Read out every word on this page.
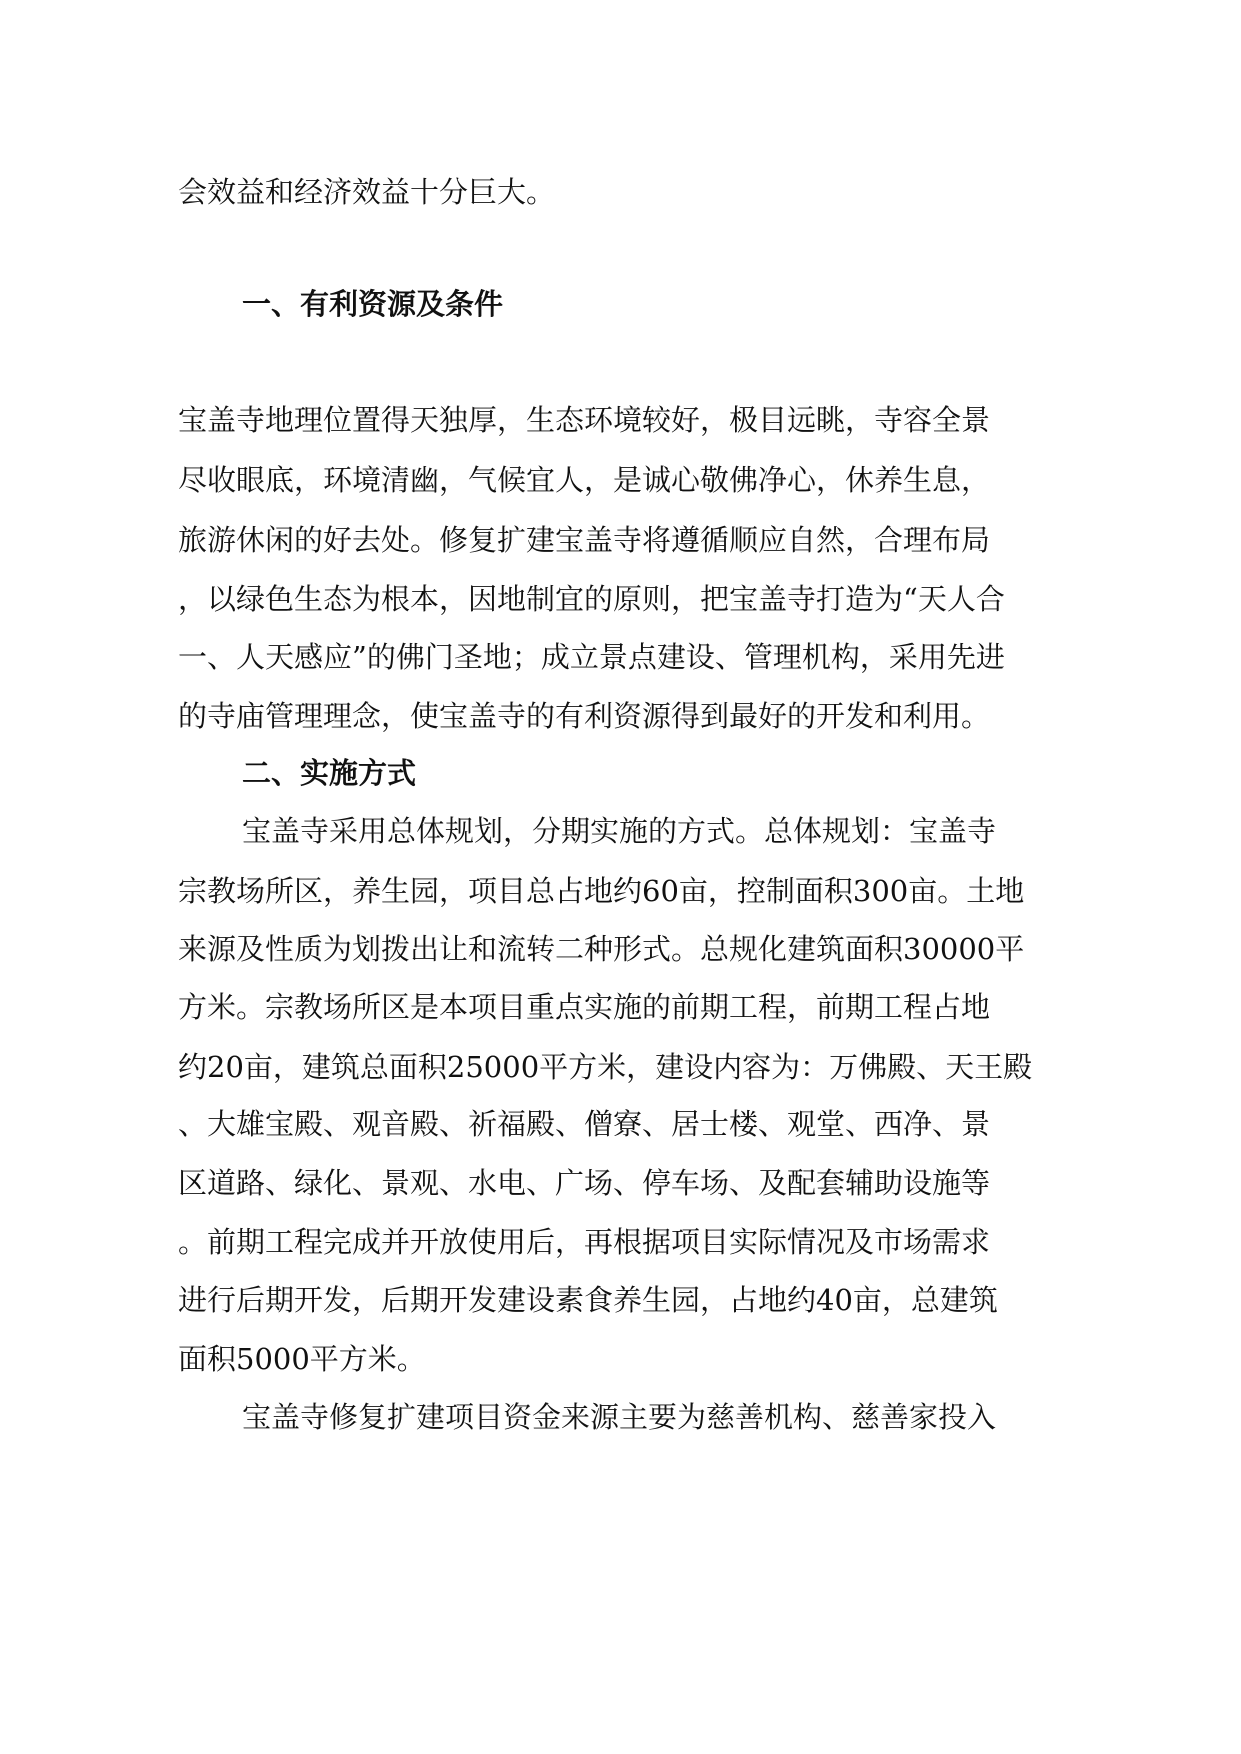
会效益和经济效益十分巨大。
一、有利资源及条件
宝盖寺地理位置得天独厚，生态环境较好，极目远眺，寺容全景
尽收眼底，环境清幽，气候宜人，是诚心敬佛净心，休养生息，
旅游休闲的好去处。修复扩建宝盖寺将遵循顺应自然，合理布局
，以绿色生态为根本，因地制宜的原则，把宝盖寺打造为“天人合
一、人天感应”的佛门圣地；成立景点建设、管理机构，采用先进
的寺庙管理理念，使宝盖寺的有利资源得到最好的开发和利用。
二、实施方式
宝盖寺采用总体规划，分期实施的方式。总体规划：宝盖寺
宗教场所区，养生园，项目总占地约60亩，控制面积300亩。土地
来源及性质为划拨出让和流转二种形式。总规化建筑面积30000平
方米。宗教场所区是本项目重点实施的前期工程，前期工程占地
约20亩，建筑总面积25000平方米，建设内容为：万佛殿、天王殿
、大雄宝殿、观音殿、祈福殿、僧寮、居士楼、观堂、西净、景
区道路、绿化、景观、水电、广场、停车场、及配套辅助设施等
。前期工程完成并开放使用后，再根据项目实际情况及市场需求
进行后期开发，后期开发建设素食养生园，占地约40亩，总建筑
面积5000平方米。
宝盖寺修复扩建项目资金来源主要为慈善机构、慈善家投入
